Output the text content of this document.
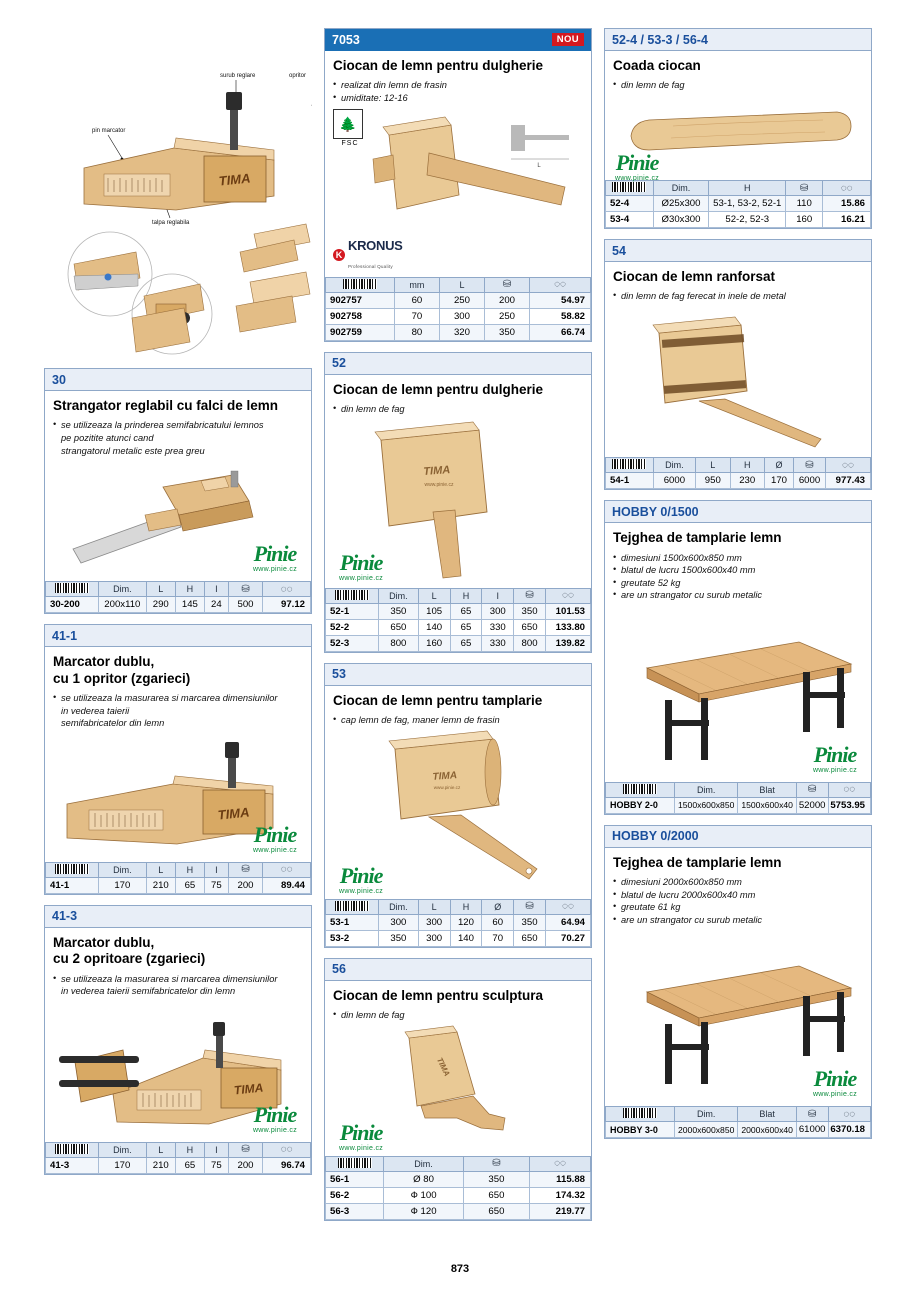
pin marcator
surub reglare	opritor
talpa reglabila
TIMA
30
Strangator reglabil cu falci de lemn
• se utilizeaza la prinderea semifabricatului lemnos
pe pozitite atunci cand
strangatorul metalic este prea greu
Pinie
www.pinie.cz
	Dim.	L	H	I	⛁	◌◌
30-200	200x110	290	145	24	500	97.12
41-1
Marcator dublu,
cu 1 opritor (zgarieci)
• se utilizeaza la masurarea si marcarea dimensiunilor
in vederea taierii
semifabricatelor din lemn
TIMA
Pinie
www.pinie.cz
	Dim.	L	H	I	⛁	◌◌
41-1	170	210	65	75	200	89.44
41-3
Marcator dublu,
cu 2 opritoare (zgarieci)
• se utilizeaza la masurarea si marcarea dimensiunilor
in vederea taierii semifabricatelor din lemn
TIMA
Pinie
www.pinie.cz
	Dim.	L	H	I	⛁	◌◌
41-3	170	210	65	75	200	96.74
7053	NOU
Ciocan de lemn pentru dulgherie
• realizat din lemn de frasin
• umiditate: 12-16
🌲
FSC
L
K
KRONUS
Professional Quality
	mm	L	⛁	◌◌
902757	60	250	200	54.97
902758	70	300	250	58.82
902759	80	320	350	66.74
52
Ciocan de lemn pentru dulgherie
• din lemn de fag
TIMA
www.pinie.cz
Pinie
www.pinie.cz
	Dim.	L	H	I	⛁	◌◌
52-1	350	105	65	300	350	101.53
52-2	650	140	65	330	650	133.80
52-3	800	160	65	330	800	139.82
53
Ciocan de lemn pentru tamplarie
• cap lemn de fag, maner lemn de frasin
TIMA
www.pinie.cz
Pinie
www.pinie.cz
	Dim.	L	H	Ø	⛁	◌◌
53-1	300	300	120	60	350	64.94
53-2	350	300	140	70	650	70.27
56
Ciocan de lemn pentru sculptura
• din lemn de fag
TIMA
Pinie
www.pinie.cz
	Dim.	⛁	◌◌
56-1	Ø 80	350	115.88
56-2	Ф 100	650	174.32
56-3	Ф 120	650	219.77
52-4 / 53-3 / 56-4
Coada ciocan
• din lemn de fag
Pinie
www.pinie.cz
	Dim.	H	⛁	◌◌
52-4	Ø25x300	53-1, 53-2, 52-1	110	15.86
53-4	Ø30x300	52-2, 52-3	160	16.21
54
Ciocan de lemn ranforsat
• din lemn de fag ferecat in inele de metal
	Dim.	L	H	Ø	⛁	◌◌
54-1	6000	950	230	170	6000	977.43
HOBBY 0/1500
Tejghea de tamplarie lemn
• dimesiuni 1500x600x850 mm
• blatul de lucru 1500x600x40 mm
• greutate 52 kg
• are un strangator cu surub metalic
Pinie
www.pinie.cz
	Dim.	Blat	⛁	◌◌
HOBBY 2-0	1500x600x850	1500x600x40	52000	5753.95
HOBBY 0/2000
Tejghea de tamplarie lemn
• dimesiuni 2000x600x850 mm
• blatul de lucru 2000x600x40 mm
• greutate 61 kg
• are un strangator cu surub metalic
Pinie
www.pinie.cz
	Dim.	Blat	⛁	◌◌
HOBBY 3-0	2000x600x850	2000x600x40	61000	6370.18
873
